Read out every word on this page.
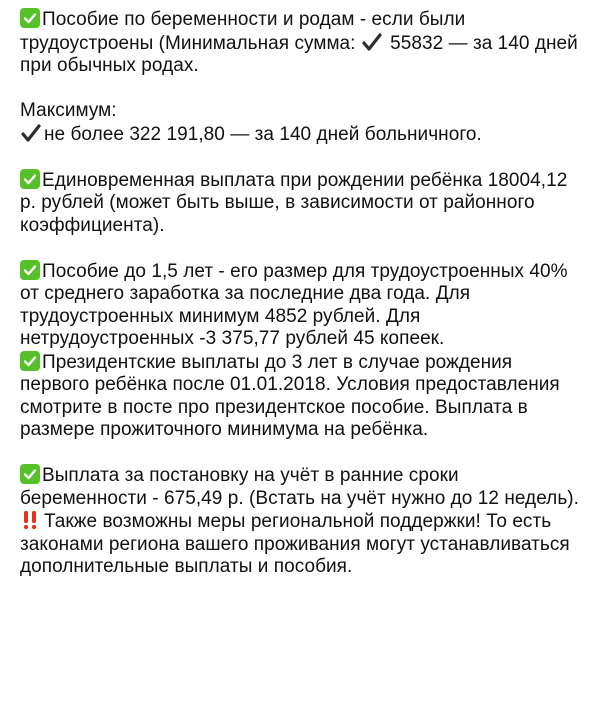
Пособие по беременности и родам - если были трудоустроены (Минимальная сумма:  55832 — за 140 дней при обычных родах.

Максимум:

не более 322 191,80 — за 140 дней больничного.

Единовременная выплата при рождении ребёнка 18004,12 р. рублей (может быть выше, в зависимости от районного коэффициента).

Пособие до 1,5 лет - его размер для трудоустроенных 40% от среднего заработка за последние два года. Для трудоустроенных минимум 4852 рублей. Для нетрудоустроенных -3 375,77 рублей 45 копеек.

Президентские выплаты до 3 лет в случае рождения первого ребёнка после 01.01.2018. Условия предоставления смотрите в посте про президентское пособие. Выплата в размере прожиточного минимума на ребёнка.

Выплата за постановку на учёт в ранние сроки беременности - 675,49 р. (Встать на учёт нужно до 12 недель).

Также возможны меры региональной поддержки! То есть законами региона вашего проживания могут устанавливаться дополнительные выплаты и пособия.
